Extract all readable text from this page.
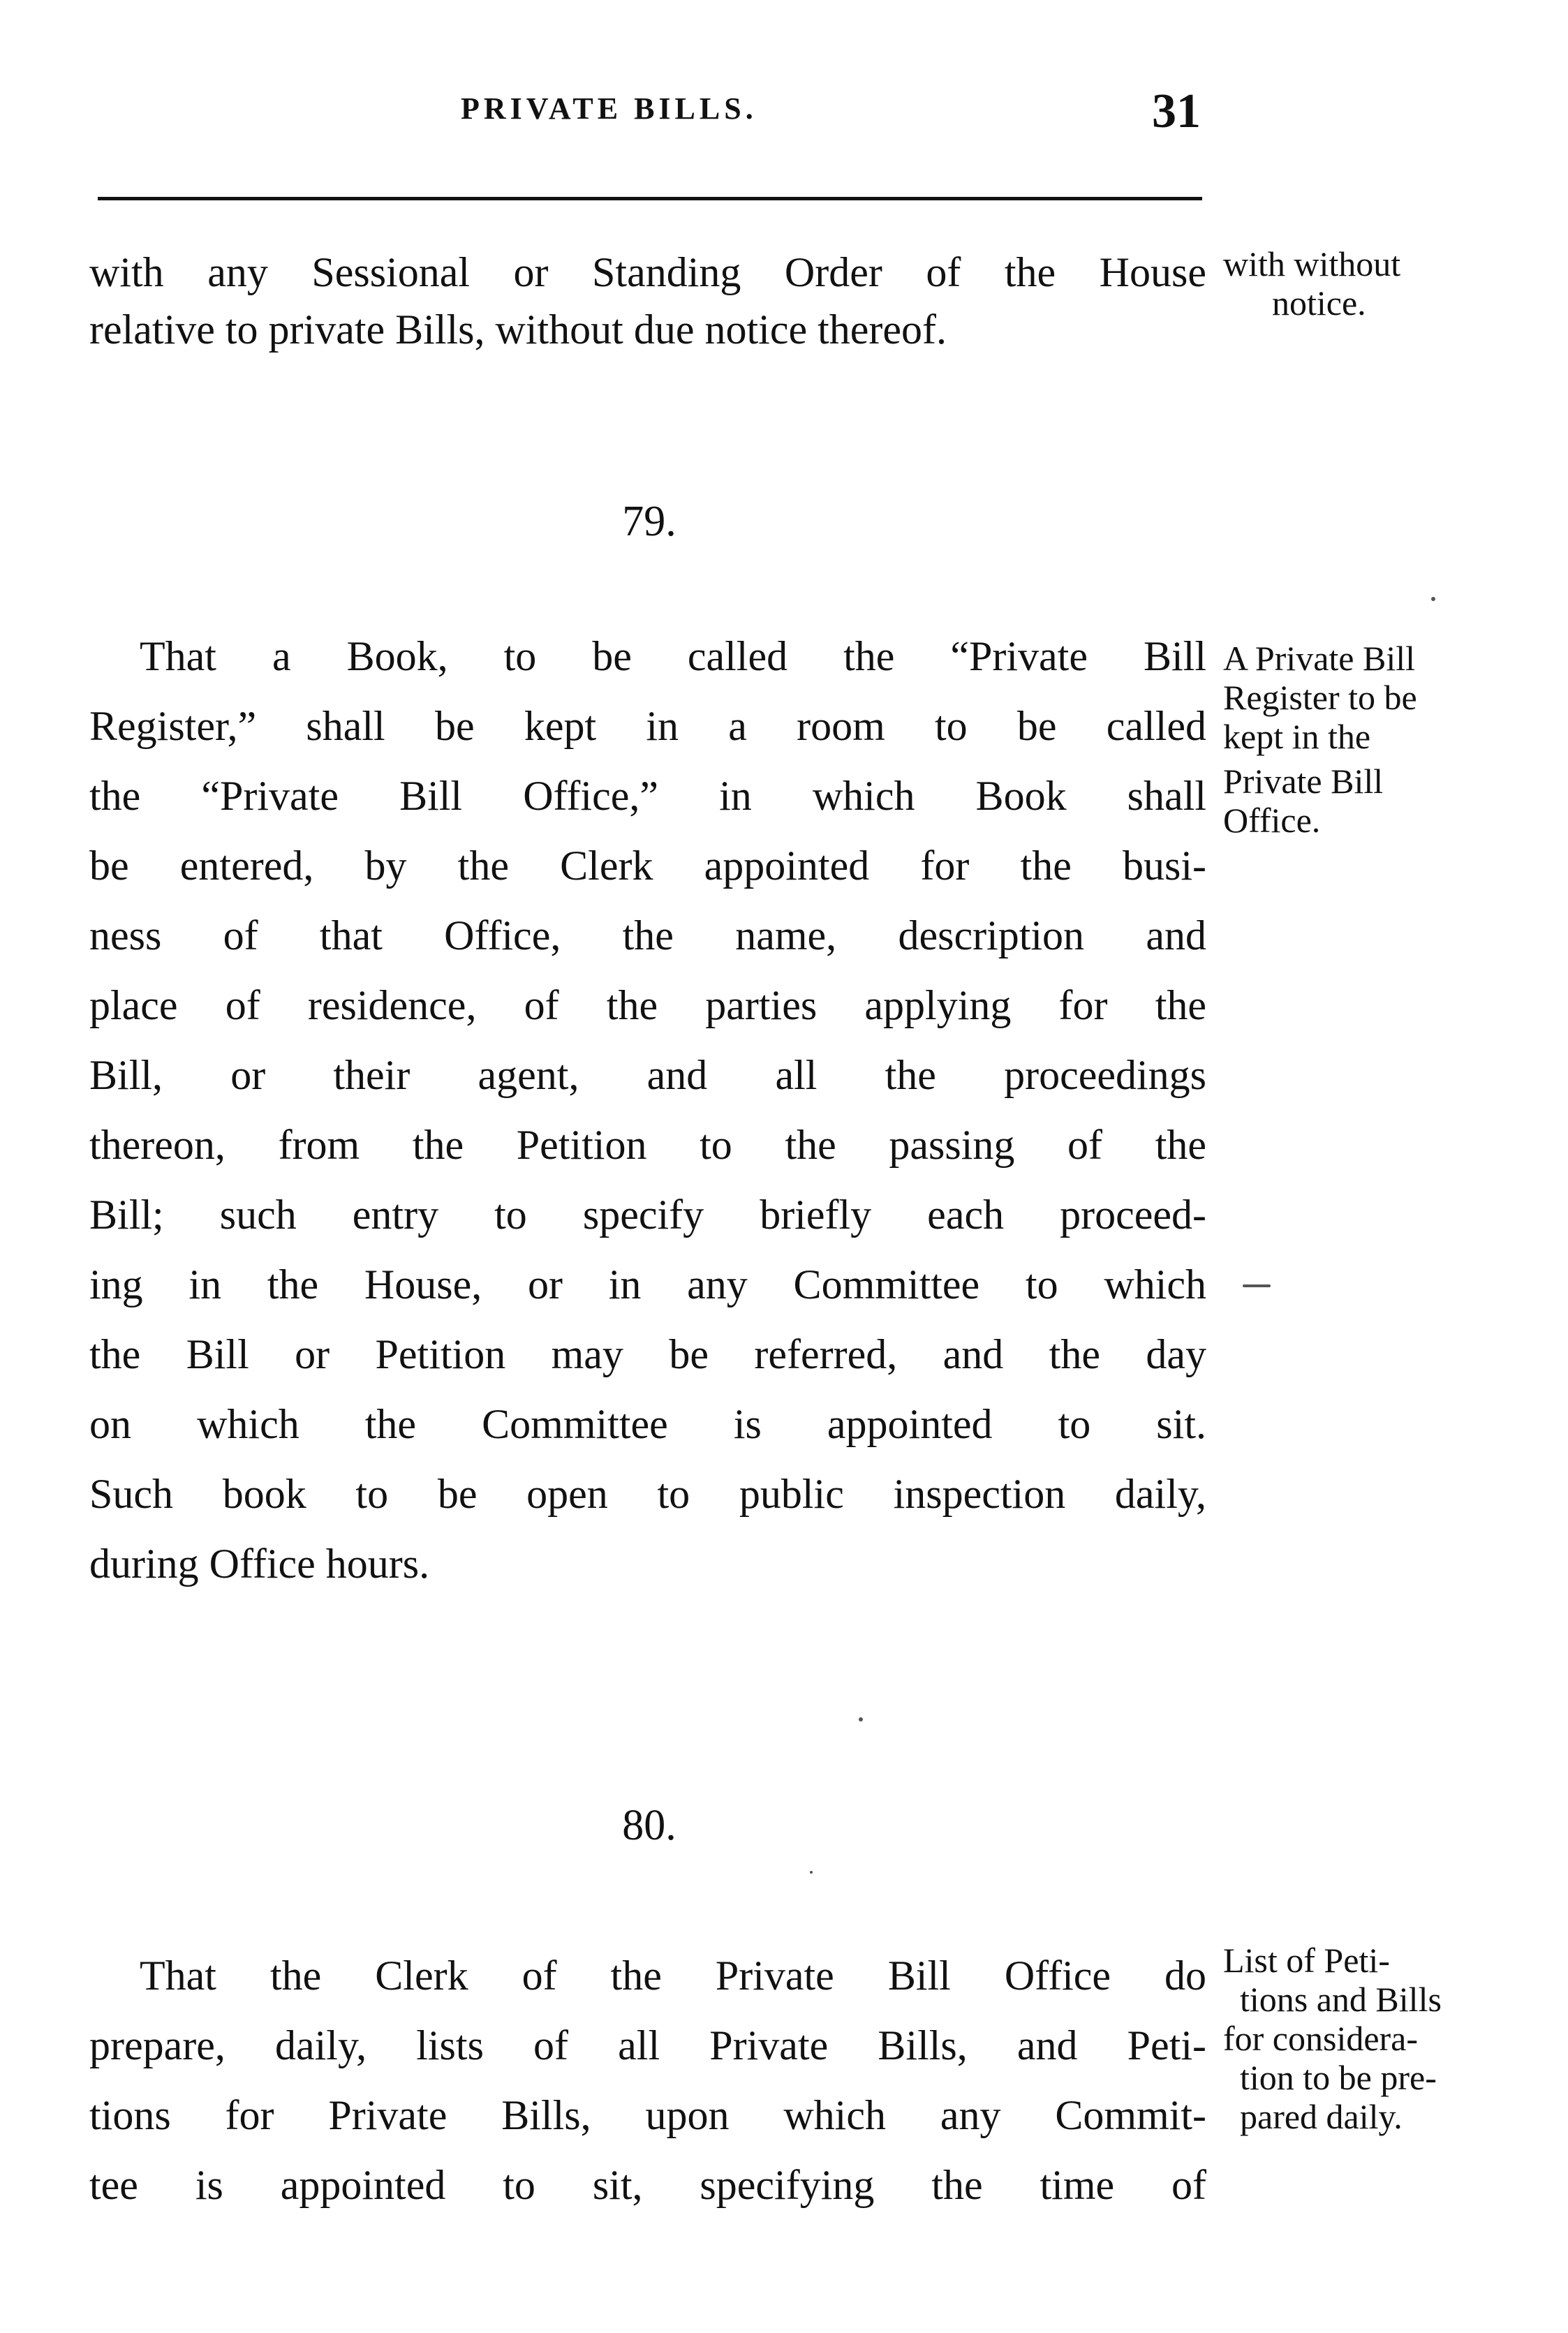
PRIVATE BILLS.	31
with any Sessional or Standing Order of the House
relative to private Bills, without due notice thereof.
with without
notice.
79.
That a Book, to be called the “Private Bill
Register,” shall be kept in a room to be called
the “Private Bill Office,” in which Book shall
be entered, by the Clerk appointed for the busi-
ness of that Office, the name, description and
place of residence, of the parties applying for the
Bill, or their agent, and all the proceedings
thereon, from the Petition to the passing of the
Bill; such entry to specify briefly each proceed-
ing in the House, or in any Committee to which
the Bill or Petition may be referred, and the day
on which the Committee is appointed to sit.
Such book to be open to public inspection daily,
during Office hours.
A Private Bill
Register to be
kept in the
Private Bill
Office.
80.
That the Clerk of the Private Bill Office do
prepare, daily, lists of all Private Bills, and Peti-
tions for Private Bills, upon which any Commit-
tee is appointed to sit, specifying the time of
List of Peti-
tions and Bills
for considera-
tion to be pre-
pared daily.
